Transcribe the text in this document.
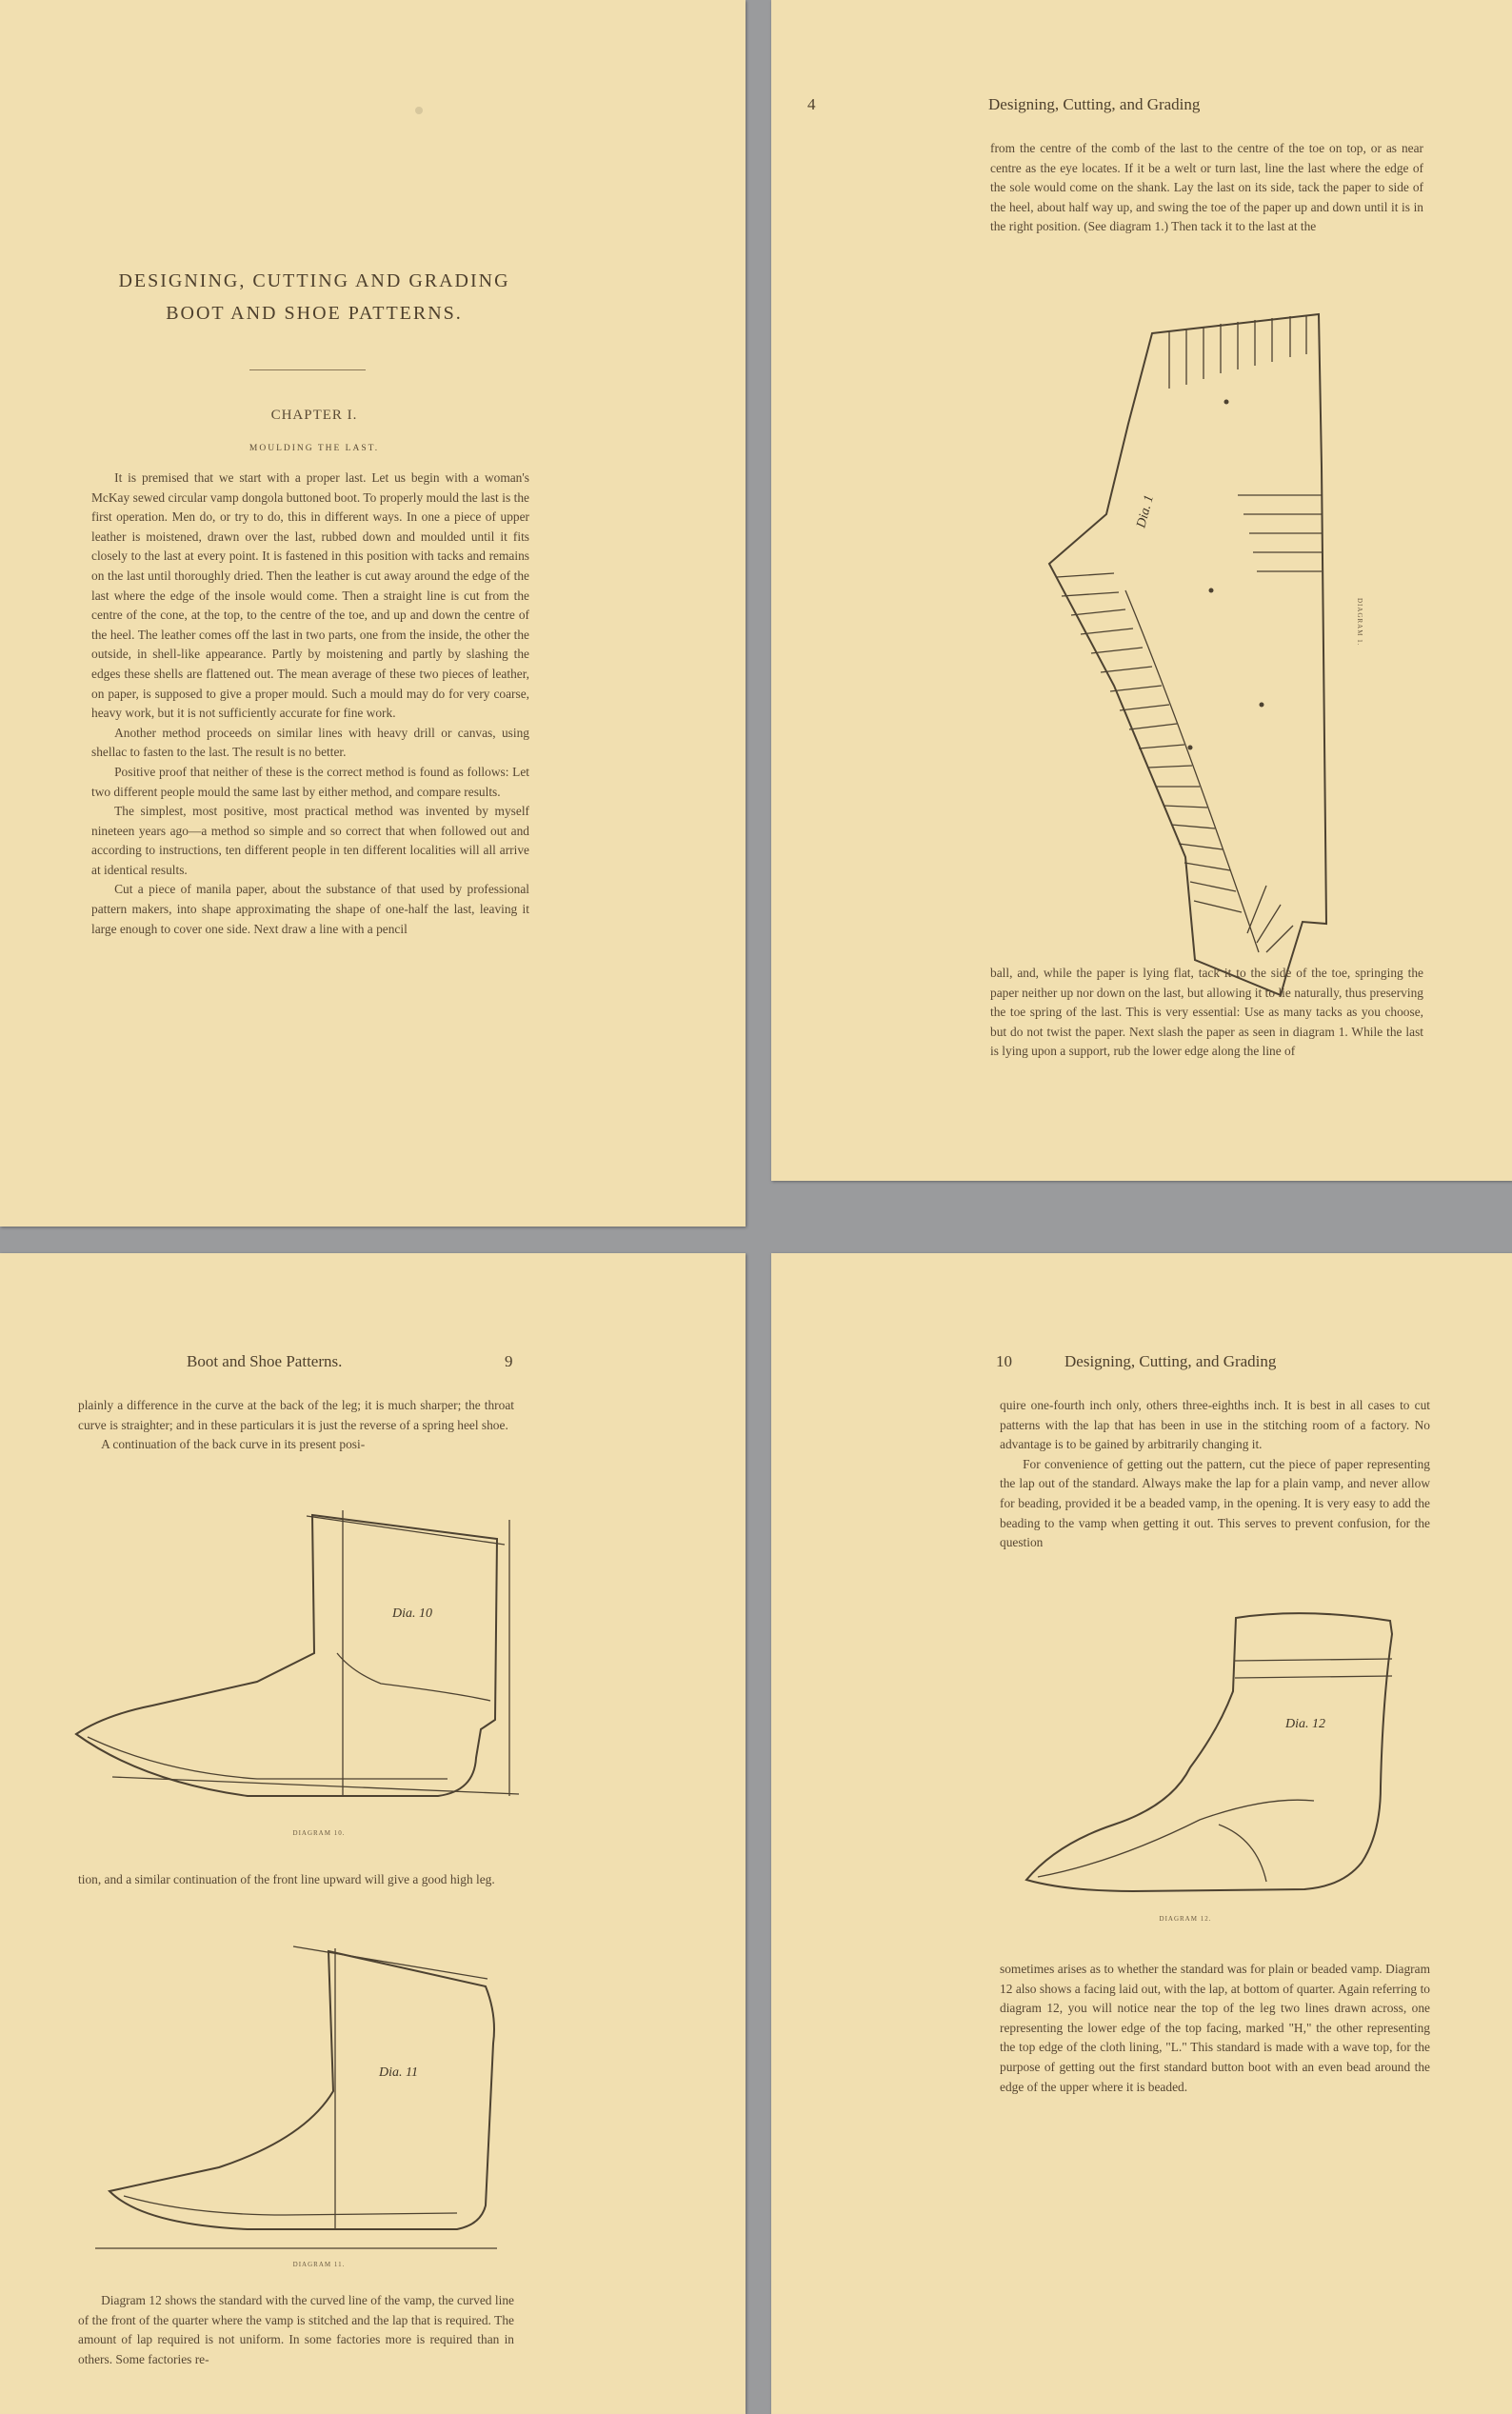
DESIGNING, CUTTING AND GRADING
BOOT AND SHOE PATTERNS.
CHAPTER I.
MOULDING THE LAST.

It is premised that we start with a proper last. Let us begin with a woman's McKay sewed circular vamp dongola buttoned boot. To properly mould the last is the first operation. Men do, or try to do, this in different ways. In one a piece of upper leather is moistened, drawn over the last, rubbed down and moulded until it fits closely to the last at every point. It is fastened in this position with tacks and remains on the last until thoroughly dried. Then the leather is cut away around the edge of the last where the edge of the insole would come. Then a straight line is cut from the centre of the cone, at the top, to the centre of the toe, and up and down the centre of the heel. The leather comes off the last in two parts, one from the inside, the other the outside, in shell-like appearance. Partly by moistening and partly by slashing the edges these shells are flattened out. The mean average of these two pieces of leather, on paper, is supposed to give a proper mould. Such a mould may do for very coarse, heavy work, but it is not sufficiently accurate for fine work.

Another method proceeds on similar lines with heavy drill or canvas, using shellac to fasten to the last. The result is no better.

Positive proof that neither of these is the correct method is found as follows: Let two different people mould the same last by either method, and compare results.

The simplest, most positive, most practical method was invented by myself nineteen years ago—a method so simple and so correct that when followed out and according to instructions, ten different people in ten different localities will all arrive at identical results.

Cut a piece of manila paper, about the substance of that used by professional pattern makers, into shape approximating the shape of one-half the last, leaving it large enough to cover one side. Next draw a line with a pencil

4	Designing, Cutting, and Grading

from the centre of the comb of the last to the centre of the toe on top, or as near centre as the eye locates. If it be a welt or turn last, line the last where the edge of the sole would come on the shank. Lay the last on its side, tack the paper to side of the heel, about half way up, and swing the toe of the paper up and down until it is in the right position. (See diagram 1.) Then tack it to the last at the

Dia. 1
DIAGRAM 1.

ball, and, while the paper is lying flat, tack it to the side of the toe, springing the paper neither up nor down on the last, but allowing it to lie naturally, thus preserving the toe spring of the last. This is very essential: Use as many tacks as you choose, but do not twist the paper. Next slash the paper as seen in diagram 1. While the last is lying upon a support, rub the lower edge along the line of

Boot and Shoe Patterns.	9

plainly a difference in the curve at the back of the leg; it is much sharper; the throat curve is straighter; and in these particulars it is just the reverse of a spring heel shoe.

A continuation of the back curve in its present posi-

Dia. 10
DIAGRAM 10.

tion, and a similar continuation of the front line upward will give a good high leg.

Dia. 11
DIAGRAM 11.

Diagram 12 shows the standard with the curved line of the vamp, the curved line of the front of the quarter where the vamp is stitched and the lap that is required. The amount of lap required is not uniform. In some factories more is required than in others. Some factories re-

10	Designing, Cutting, and Grading

quire one-fourth inch only, others three-eighths inch. It is best in all cases to cut patterns with the lap that has been in use in the stitching room of a factory. No advantage is to be gained by arbitrarily changing it.

For convenience of getting out the pattern, cut the piece of paper representing the lap out of the standard. Always make the lap for a plain vamp, and never allow for beading, provided it be a beaded vamp, in the opening. It is very easy to add the beading to the vamp when getting it out. This serves to prevent confusion, for the question

Dia. 12
DIAGRAM 12.

sometimes arises as to whether the standard was for plain or beaded vamp. Diagram 12 also shows a facing laid out, with the lap, at bottom of quarter. Again referring to diagram 12, you will notice near the top of the leg two lines drawn across, one representing the lower edge of the top facing, marked "H," the other representing the top edge of the cloth lining, "L." This standard is made with a wave top, for the purpose of getting out the first standard button boot with an even bead around the edge of the upper where it is beaded.
